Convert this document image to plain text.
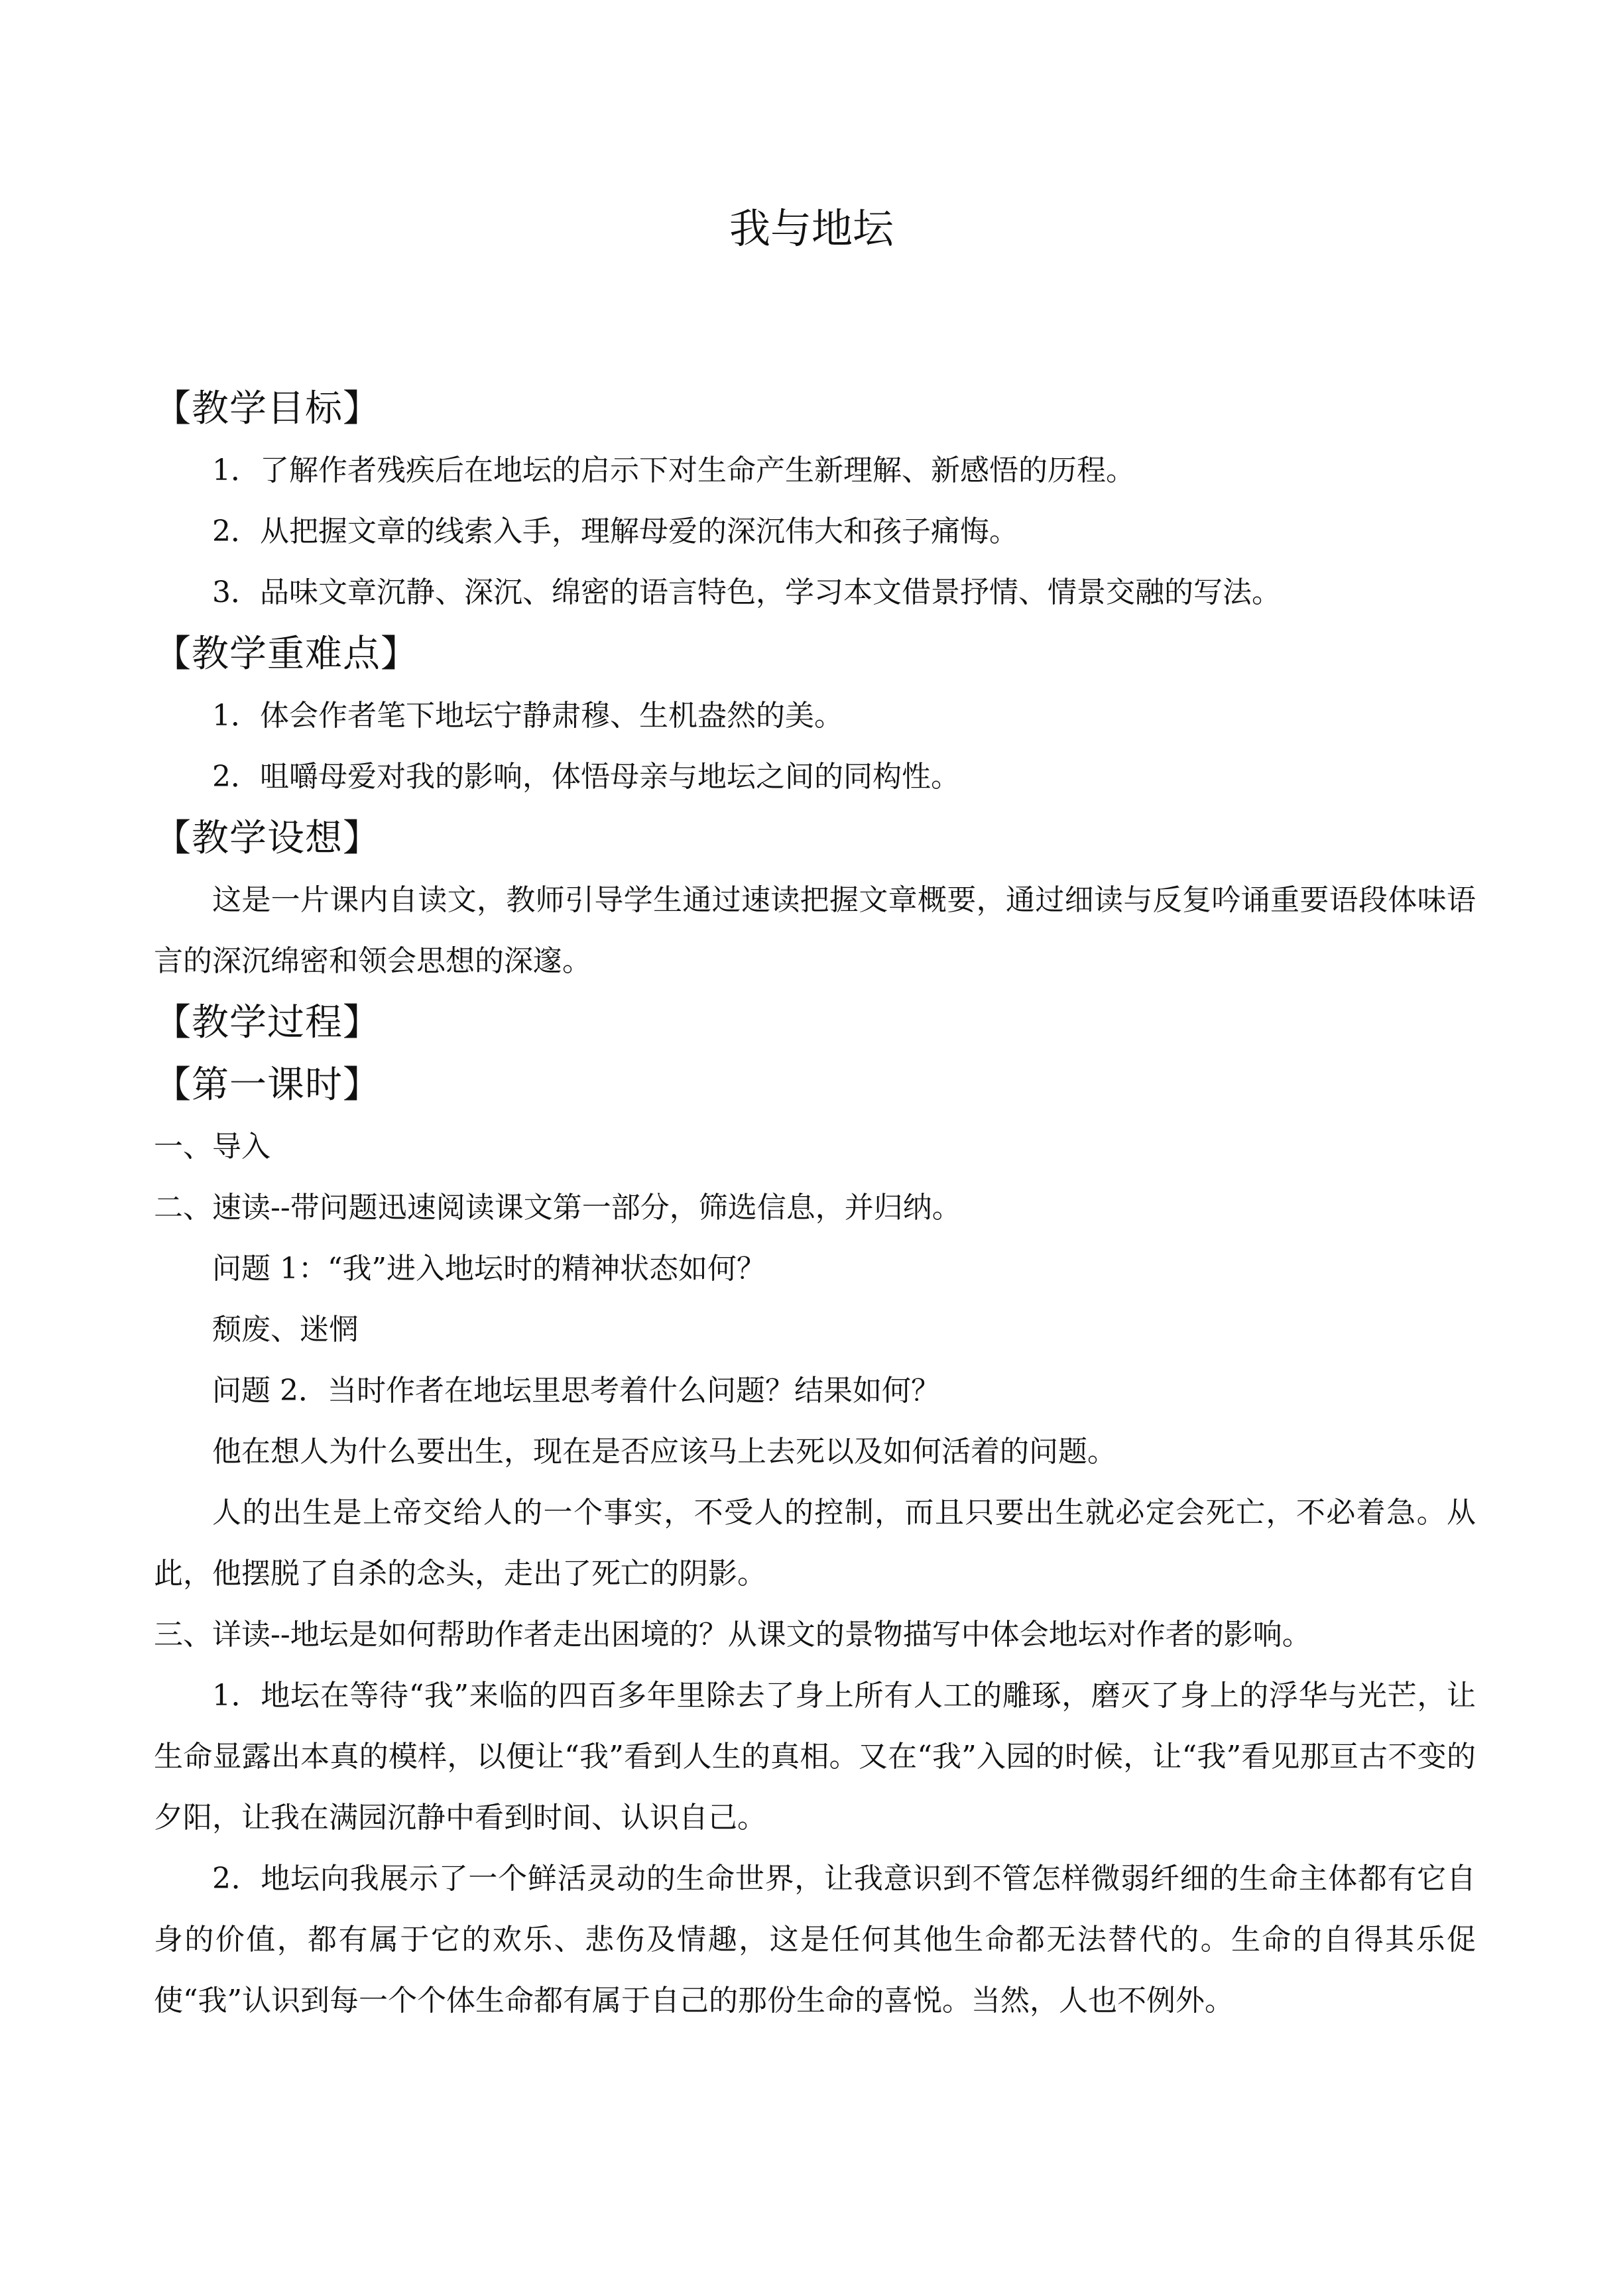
我与地坛
【教学目标】

1．了解作者残疾后在地坛的启示下对生命产生新理解、新感悟的历程。

2．从把握文章的线索入手，理解母爱的深沉伟大和孩子痛悔。

3．品味文章沉静、深沉、绵密的语言特色，学习本文借景抒情、情景交融的写法。

【教学重难点】

1．体会作者笔下地坛宁静肃穆、生机盎然的美。

2．咀嚼母爱对我的影响，体悟母亲与地坛之间的同构性。

【教学设想】

这是一片课内自读文，教师引导学生通过速读把握文章概要，通过细读与反复吟诵重要语段体味语言的深沉绵密和领会思想的深邃。

【教学过程】
【第一课时】

一、导入

二、速读--带问题迅速阅读课文第一部分，筛选信息，并归纳。

问题 1：“我”进入地坛时的精神状态如何？

颓废、迷惘

问题 2．当时作者在地坛里思考着什么问题？结果如何？

他在想人为什么要出生，现在是否应该马上去死以及如何活着的问题。

人的出生是上帝交给人的一个事实，不受人的控制，而且只要出生就必定会死亡，不必着急。从此，他摆脱了自杀的念头，走出了死亡的阴影。

三、详读--地坛是如何帮助作者走出困境的？从课文的景物描写中体会地坛对作者的影响。

1．地坛在等待“我”来临的四百多年里除去了身上所有人工的雕琢，磨灭了身上的浮华与光芒，让生命显露出本真的模样，以便让“我”看到人生的真相。又在“我”入园的时候，让“我”看见那亘古不变的夕阳，让我在满园沉静中看到时间、认识自己。

2．地坛向我展示了一个鲜活灵动的生命世界，让我意识到不管怎样微弱纤细的生命主体都有它自身的价值，都有属于它的欢乐、悲伤及情趣，这是任何其他生命都无法替代的。生命的自得其乐促使“我”认识到每一个个体生命都有属于自己的那份生命的喜悦。当然，人也不例外。
